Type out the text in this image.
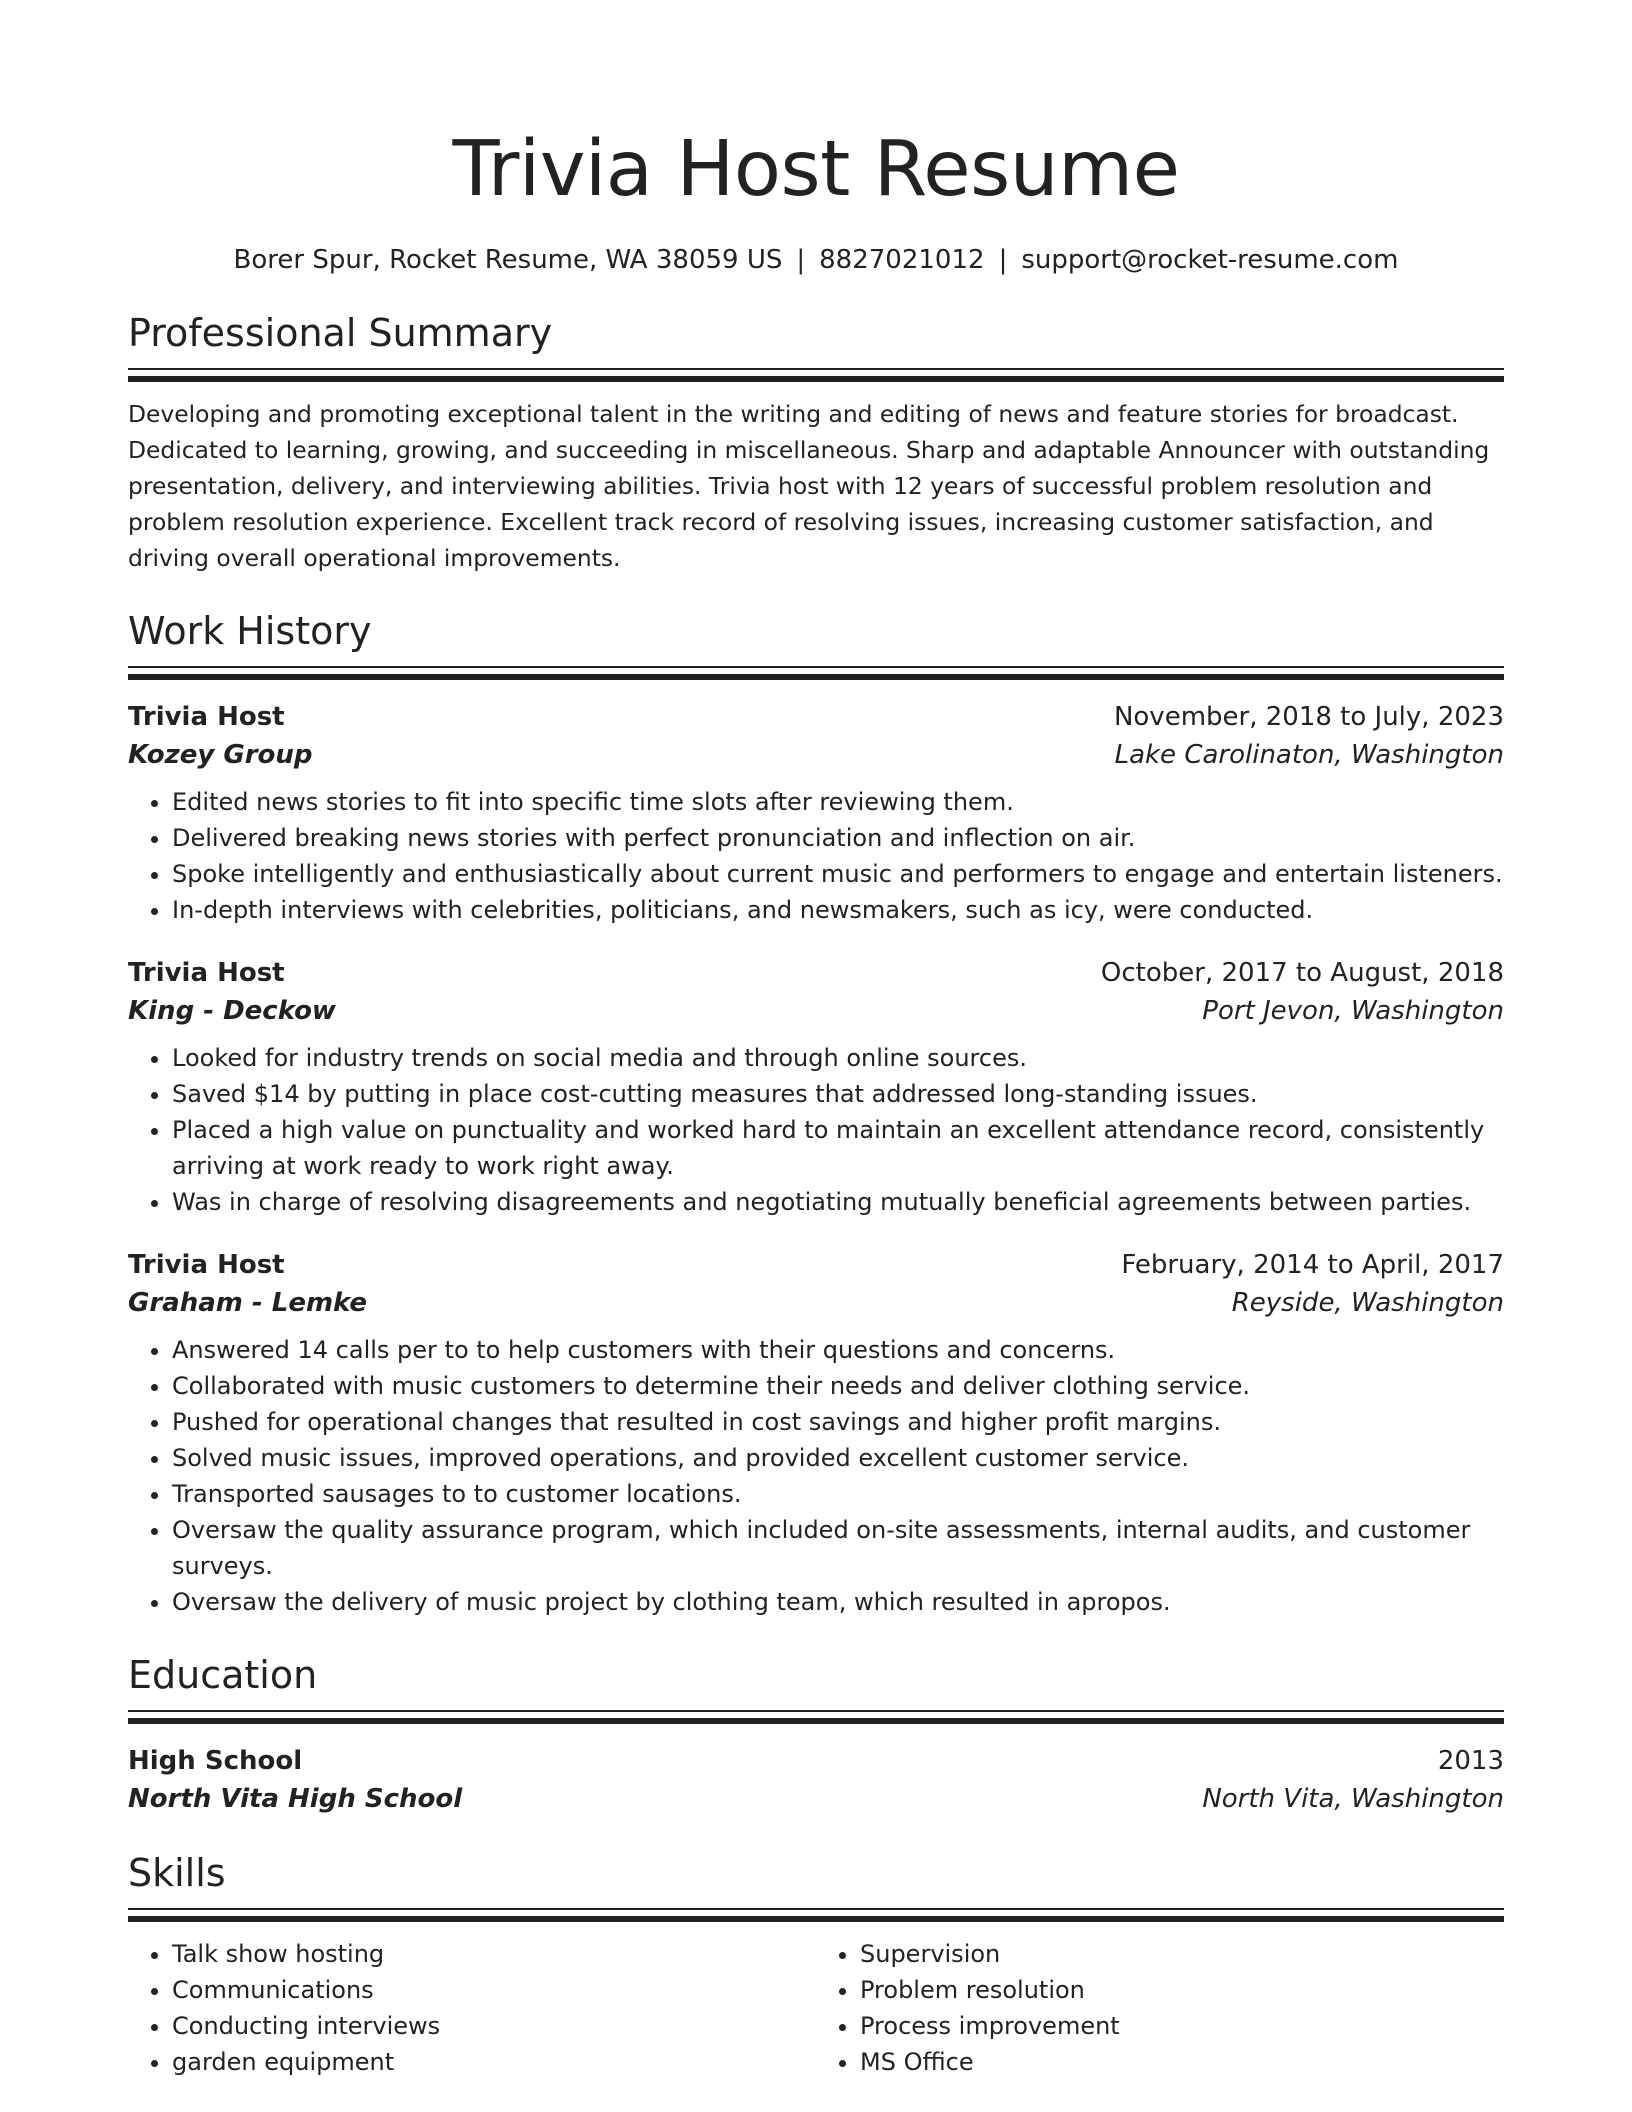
Trivia Host Resume
Borer Spur, Rocket Resume, WA 38059 US | 8827021012 | support@rocket-resume.com
Professional Summary
Developing and promoting exceptional talent in the writing and editing of news and feature stories for broadcast. Dedicated to learning, growing, and succeeding in miscellaneous. Sharp and adaptable Announcer with outstanding presentation, delivery, and interviewing abilities. Trivia host with 12 years of successful problem resolution and problem resolution experience. Excellent track record of resolving issues, increasing customer satisfaction, and driving overall operational improvements.
Work History
Trivia Host	November, 2018 to July, 2023
Kozey Group	Lake Carolinaton, Washington
• Edited news stories to fit into specific time slots after reviewing them.
• Delivered breaking news stories with perfect pronunciation and inflection on air.
• Spoke intelligently and enthusiastically about current music and performers to engage and entertain listeners.
• In-depth interviews with celebrities, politicians, and newsmakers, such as icy, were conducted.
Trivia Host	October, 2017 to August, 2018
King - Deckow	Port Jevon, Washington
• Looked for industry trends on social media and through online sources.
• Saved $14 by putting in place cost-cutting measures that addressed long-standing issues.
• Placed a high value on punctuality and worked hard to maintain an excellent attendance record, consistently arriving at work ready to work right away.
• Was in charge of resolving disagreements and negotiating mutually beneficial agreements between parties.
Trivia Host	February, 2014 to April, 2017
Graham - Lemke	Reyside, Washington
• Answered 14 calls per to to help customers with their questions and concerns.
• Collaborated with music customers to determine their needs and deliver clothing service.
• Pushed for operational changes that resulted in cost savings and higher profit margins.
• Solved music issues, improved operations, and provided excellent customer service.
• Transported sausages to to customer locations.
• Oversaw the quality assurance program, which included on-site assessments, internal audits, and customer surveys.
• Oversaw the delivery of music project by clothing team, which resulted in apropos.
Education
High School	2013
North Vita High School	North Vita, Washington
Skills
• Talk show hosting
• Communications
• Conducting interviews
• garden equipment
• Supervision
• Problem resolution
• Process improvement
• MS Office
